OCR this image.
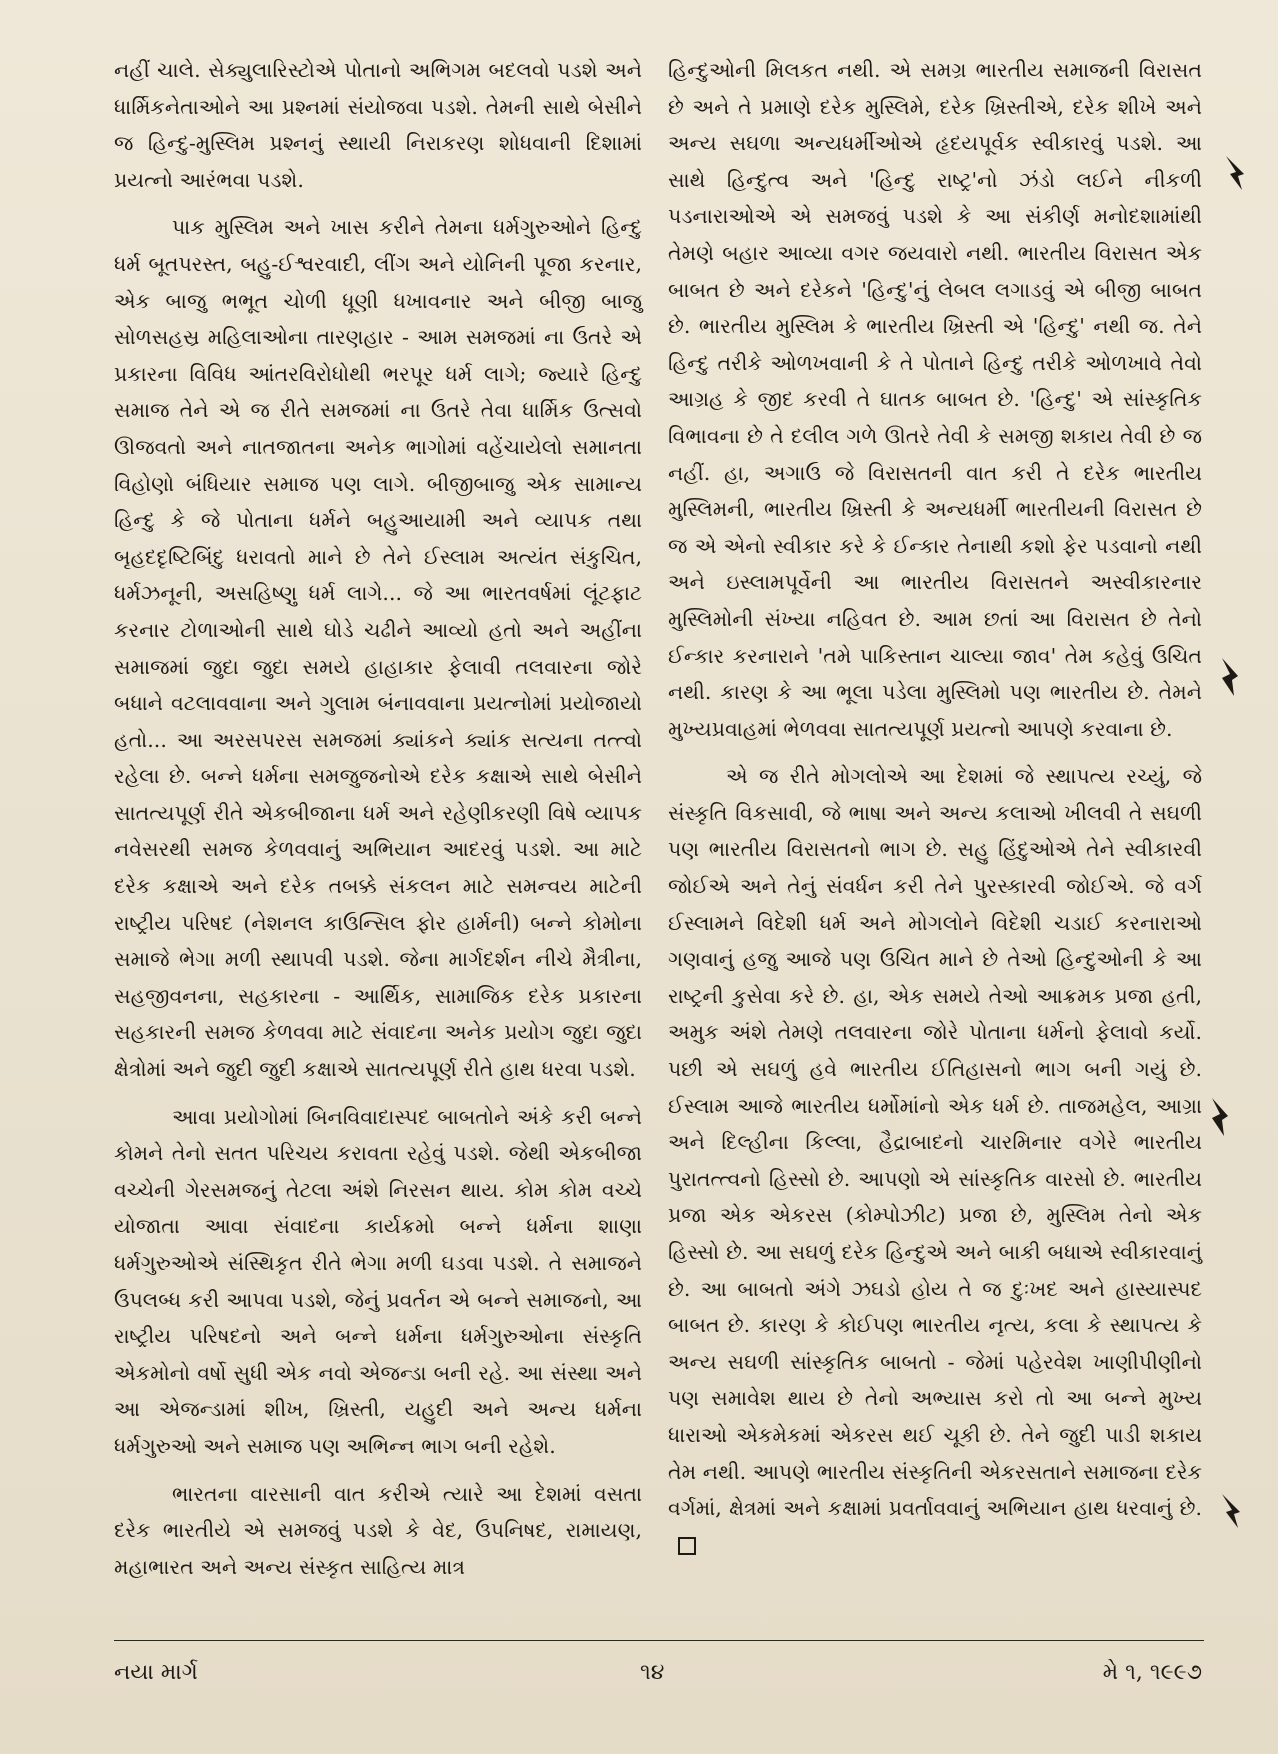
નહીં ચાલે. સેક્યુલારિસ્ટોએ પોતાનો અભિગમ બદલવો પડશે અને ધાર્મિકનેતાઓને આ પ્રશ્નમાં સંયોજવા પડશે. તેમની સાથે બેસીને જ હિન્દુ-મુસ્લિમ પ્રશ્નનું સ્થાયી નિરાકરણ શોધવાની દિશામાં પ્રયત્નો આરંભવા પડશે.

પાક મુસ્લિમ અને ખાસ કરીને તેમના ધર્મગુરુઓને હિન્દુ ધર્મ બૂતપરસ્ત, બહુ-ઈશ્વરવાદી, લીંગ અને યોનિની પૂજા કરનાર, એક બાજુ ભભૂત ચોળી ધૂણી ધખાવનાર અને બીજી બાજુ સોળસહસ્ર મહિલાઓના તારણહાર - આમ સમજમાં ના ઉતરે એ પ્રકારના વિવિધ આંતરવિરોધોથી ભરપૂર ધર્મ લાગે; જ્યારે હિન્દુ સમાજ તેને એ જ રીતે સમજમાં ના ઉતરે તેવા ધાર્મિક ઉત્સવો ઊજવતો અને નાતજાતના અનેક ભાગોમાં વહેંચાયેલો સમાનતા વિહોણો બંધિયાર સમાજ પણ લાગે. બીજીબાજુ એક સામાન્ય હિન્દુ કે જે પોતાના ધર્મને બહુઆયામી અને વ્યાપક તથા બૃહદદૃષ્ટિબિંદુ ધરાવતો માને છે તેને ઈસ્લામ અત્યંત સંકુચિત, ધર્મઝનૂની, અસહિષ્ણુ ધર્મ લાગે... જે આ ભારતવર્ષમાં લૂંટફાટ કરનાર ટોળાઓની સાથે ઘોડે ચઢીને આવ્યો હતો અને અહીંના સમાજમાં જુદા જુદા સમયે હાહાકાર ફેલાવી તલવારના જોરે બધાને વટલાવવાના અને ગુલામ બંનાવવાના પ્રયત્નોમાં પ્રયોજાયો હતો... આ અરસપરસ સમજમાં ક્યાંકને ક્યાંક સત્યના તત્ત્વો રહેલા છે. બન્ને ધર્મના સમજુજનોએ દરેક કક્ષાએ સાથે બેસીને સાતત્યપૂર્ણ રીતે એકબીજાના ધર્મ અને રહેણીકરણી વિષે વ્યાપક નવેસરથી સમજ કેળવવાનું અભિયાન આદરવું પડશે. આ માટે દરેક કક્ષાએ અને દરેક તબક્કે સંકલન માટે સમન્વય માટેની રાષ્ટ્રીય પરિષદ (નેશનલ કાઉન્સિલ ફોર હાર્મની) બન્ને કોમોના સમાજે ભેગા મળી સ્થાપવી પડશે. જેના માર્ગદર્શન નીચે મૈત્રીના, સહજીવનના, સહકારના - આર્થિક, સામાજિક દરેક પ્રકારના સહકારની સમજ કેળવવા માટે સંવાદના અનેક પ્રયોગ જુદા જુદા ક્ષેત્રોમાં અને જુદી જુદી કક્ષાએ સાતત્યપૂર્ણ રીતે હાથ ધરવા પડશે.

આવા પ્રયોગોમાં બિનવિવાદાસ્પદ બાબતોને અંકે કરી બન્ને કોમને તેનો સતત પરિચય કરાવતા રહેવું પડશે. જેથી એકબીજા વચ્ચેની ગેરસમજનું તેટલા અંશે નિરસન થાય. કોમ કોમ વચ્ચે યોજાતા આવા સંવાદના કાર્યક્રમો બન્ને ધર્મના શાણા ધર્મગુરુઓએ સંસ્થિકૃત રીતે ભેગા મળી ઘડવા પડશે. તે સમાજને ઉપલબ્ધ કરી આપવા પડશે, જેનું પ્રવર્તન એ બન્ને સમાજનો, આ રાષ્ટ્રીય પરિષદનો અને બન્ને ધર્મના ધર્મગુરુઓના સંસ્કૃતિ એકમોનો વર્ષો સુધી એક નવો એજન્ડા બની રહે. આ સંસ્થા અને આ એજન્ડામાં શીખ, ખ્રિસ્તી, યહુદી અને અન્ય ધર્મના ધર્મગુરુઓ અને સમાજ પણ અભિન્ન ભાગ બની રહેશે.

ભારતના વારસાની વાત કરીએ ત્યારે આ દેશમાં વસતા દરેક ભારતીયે એ સમજવું પડશે કે વેદ, ઉપનિષદ, રામાયણ, મહાભારત અને અન્ય સંસ્કૃત સાહિત્ય માત્ર

હિન્દુઓની મિલકત નથી. એ સમગ્ર ભારતીય સમાજની વિરાસત છે અને તે પ્રમાણે દરેક મુસ્લિમે, દરેક ખ્રિસ્તીએ, દરેક શીખે અને અન્ય સઘળા અન્યધર્મીઓએ હૃદયપૂર્વક સ્વીકારવું પડશે. આ સાથે હિન્દુત્વ અને 'હિન્દુ રાષ્ટ્ર'નો ઝંડો લઈને નીકળી પડનારાઓએ એ સમજવું પડશે કે આ સંકીર્ણ મનોદશામાંથી તેમણે બહાર આવ્યા વગર જયવારો નથી. ભારતીય વિરાસત એક બાબત છે અને દરેકને 'હિન્દુ'નું લેબલ લગાડવું એ બીજી બાબત છે. ભારતીય મુસ્લિમ કે ભારતીય ખ્રિસ્તી એ 'હિન્દુ' નથી જ. તેને હિન્દુ તરીકે ઓળખવાની કે તે પોતાને હિન્દુ તરીકે ઓળખાવે તેવો આગ્રહ કે જીદ કરવી તે ઘાતક બાબત છે. 'હિન્દુ' એ સાંસ્કૃતિક વિભાવના છે તે દલીલ ગળે ઊતરે તેવી કે સમજી શકાય તેવી છે જ નહીં. હા, અગાઉ જે વિરાસતની વાત કરી તે દરેક ભારતીય મુસ્લિમની, ભારતીય ખ્રિસ્તી કે અન્યધર્મી ભારતીયની વિરાસત છે જ એ એનો સ્વીકાર કરે કે ઈન્કાર તેનાથી કશો ફેર પડવાનો નથી અને ઇસ્લામપૂર્વેની આ ભારતીય વિરાસતને અસ્વીકારનાર મુસ્લિમોની સંખ્યા નહિવત છે. આમ છતાં આ વિરાસત છે તેનો ઈન્કાર કરનારાને 'તમે પાકિસ્તાન ચાલ્યા જાવ' તેમ કહેવું ઉચિત નથી. કારણ કે આ ભૂલા પડેલા મુસ્લિમો પણ ભારતીય છે. તેમને મુખ્યપ્રવાહમાં ભેળવવા સાતત્યપૂર્ણ પ્રયત્નો આપણે કરવાના છે.

એ જ રીતે મોગલોએ આ દેશમાં જે સ્થાપત્ય રચ્યું, જે સંસ્કૃતિ વિકસાવી, જે ભાષા અને અન્ય કલાઓ ખીલવી તે સઘળી પણ ભારતીય વિરાસતનો ભાગ છે. સહુ હિંદુઓએ તેને સ્વીકારવી જોઈએ અને તેનું સંવર્ધન કરી તેને પુરસ્કારવી જોઈએ. જે વર્ગ ઈસ્લામને વિદેશી ધર્મ અને મોગલોને વિદેશી ચડાઈ કરનારાઓ ગણવાનું હજુ આજે પણ ઉચિત માને છે તેઓ હિન્દુઓની કે આ રાષ્ટ્રની કુસેવા કરે છે. હા, એક સમયે તેઓ આક્રમક પ્રજા હતી, અમુક અંશે તેમણે તલવારના જોરે પોતાના ધર્મનો ફેલાવો કર્યો. પછી એ સઘળું હવે ભારતીય ઈતિહાસનો ભાગ બની ગયું છે. ઈસ્લામ આજે ભારતીય ધર્મોમાંનો એક ધર્મ છે. તાજમહેલ, આગ્રા અને દિલ્હીના કિલ્લા, હૈદ્રાબાદનો ચારમિનાર વગેરે ભારતીય પુરાતત્ત્વનો હિસ્સો છે. આપણો એ સાંસ્કૃતિક વારસો છે. ભારતીય પ્રજા એક એકરસ (કોમ્પોઝીટ) પ્રજા છે, મુસ્લિમ તેનો એક હિસ્સો છે. આ સઘળું દરેક હિન્દુએ અને બાકી બધાએ સ્વીકારવાનું છે. આ બાબતો અંગે ઝઘડો હોય તે જ દુઃખદ અને હાસ્યાસ્પદ બાબત છે. કારણ કે કોઈપણ ભારતીય નૃત્ય, કલા કે સ્થાપત્ય કે અન્ય સઘળી સાંસ્કૃતિક બાબતો - જેમાં પહેરવેશ ખાણીપીણીનો પણ સમાવેશ થાય છે તેનો અભ્યાસ કરો તો આ બન્ને મુખ્ય ધારાઓ એકમેકમાં એકરસ થઈ ચૂકી છે. તેને જુદી પાડી શકાય તેમ નથી. આપણે ભારતીય સંસ્કૃતિની એકરસતાને સમાજના દરેક વર્ગમાં, ક્ષેત્રમાં અને કક્ષામાં પ્રવર્તાવવાનું અભિયાન હાથ ધરવાનું છે.

નયા માર્ગ	૧૪	મે ૧, ૧૯૯૭
